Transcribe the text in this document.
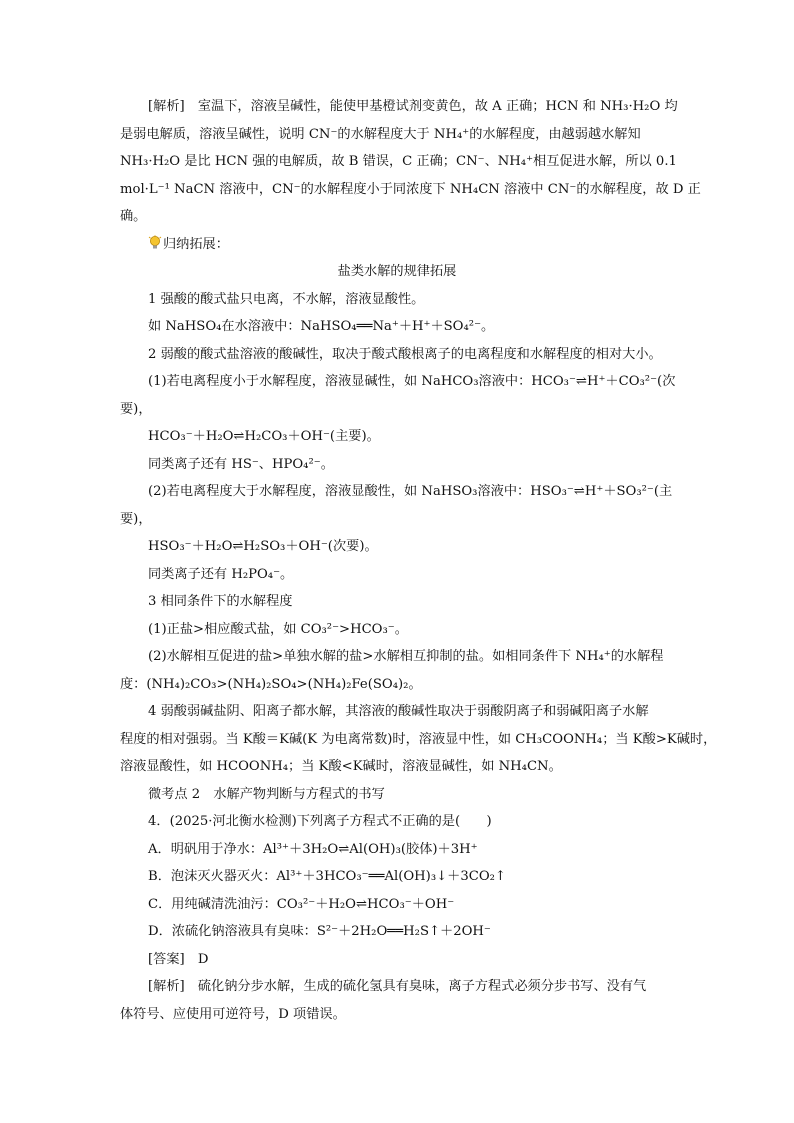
[解析]　室温下，溶液呈碱性，能使甲基橙试剂变黄色，故 A 正确；HCN 和 NH₃·H₂O 均
是弱电解质，溶液呈碱性，说明 CN⁻的水解程度大于 NH₄⁺的水解程度，由越弱越水解知
NH₃·H₂O 是比 HCN 强的电解质，故 B 错误，C 正确；CN⁻、NH₄⁺相互促进水解，所以 0.1
mol·L⁻¹ NaCN 溶液中，CN⁻的水解程度小于同浓度下 NH₄CN 溶液中 CN⁻的水解程度，故 D 正
确。
归纳拓展：
盐类水解的规律拓展
1 强酸的酸式盐只电离，不水解，溶液显酸性。
如 NaHSO₄在水溶液中：NaHSO₄══Na⁺＋H⁺＋SO₄²⁻。
2 弱酸的酸式盐溶液的酸碱性，取决于酸式酸根离子的电离程度和水解程度的相对大小。
(1)若电离程度小于水解程度，溶液显碱性，如 NaHCO₃溶液中：HCO₃⁻⇌H⁺＋CO₃²⁻(次
要)，
HCO₃⁻＋H₂O⇌H₂CO₃＋OH⁻(主要)。
同类离子还有 HS⁻、HPO₄²⁻。
(2)若电离程度大于水解程度，溶液显酸性，如 NaHSO₃溶液中：HSO₃⁻⇌H⁺＋SO₃²⁻(主
要)，
HSO₃⁻＋H₂O⇌H₂SO₃＋OH⁻(次要)。
同类离子还有 H₂PO₄⁻。
3 相同条件下的水解程度
(1)正盐>相应酸式盐，如 CO₃²⁻>HCO₃⁻。
(2)水解相互促进的盐>单独水解的盐>水解相互抑制的盐。如相同条件下 NH₄⁺的水解程
度：(NH₄)₂CO₃>(NH₄)₂SO₄>(NH₄)₂Fe(SO₄)₂。
4 弱酸弱碱盐阴、阳离子都水解，其溶液的酸碱性取决于弱酸阴离子和弱碱阳离子水解
程度的相对强弱。当 K酸＝K碱(K 为电离常数)时，溶液显中性，如 CH₃COONH₄；当 K酸>K碱时，
溶液显酸性，如 HCOONH₄；当 K酸<K碱时，溶液显碱性，如 NH₄CN。
微考点 2　水解产物判断与方程式的书写
4．(2025·河北衡水检测)下列离子方程式不正确的是(　　)
A．明矾用于净水：Al³⁺＋3H₂O⇌Al(OH)₃(胶体)＋3H⁺
B．泡沫灭火器灭火：Al³⁺＋3HCO₃⁻══Al(OH)₃↓＋3CO₂↑
C．用纯碱清洗油污：CO₃²⁻＋H₂O⇌HCO₃⁻＋OH⁻
D．浓硫化钠溶液具有臭味：S²⁻＋2H₂O══H₂S↑＋2OH⁻
[答案]　D
[解析]　硫化钠分步水解，生成的硫化氢具有臭味，离子方程式必须分步书写、没有气
体符号、应使用可逆符号，D 项错误。
